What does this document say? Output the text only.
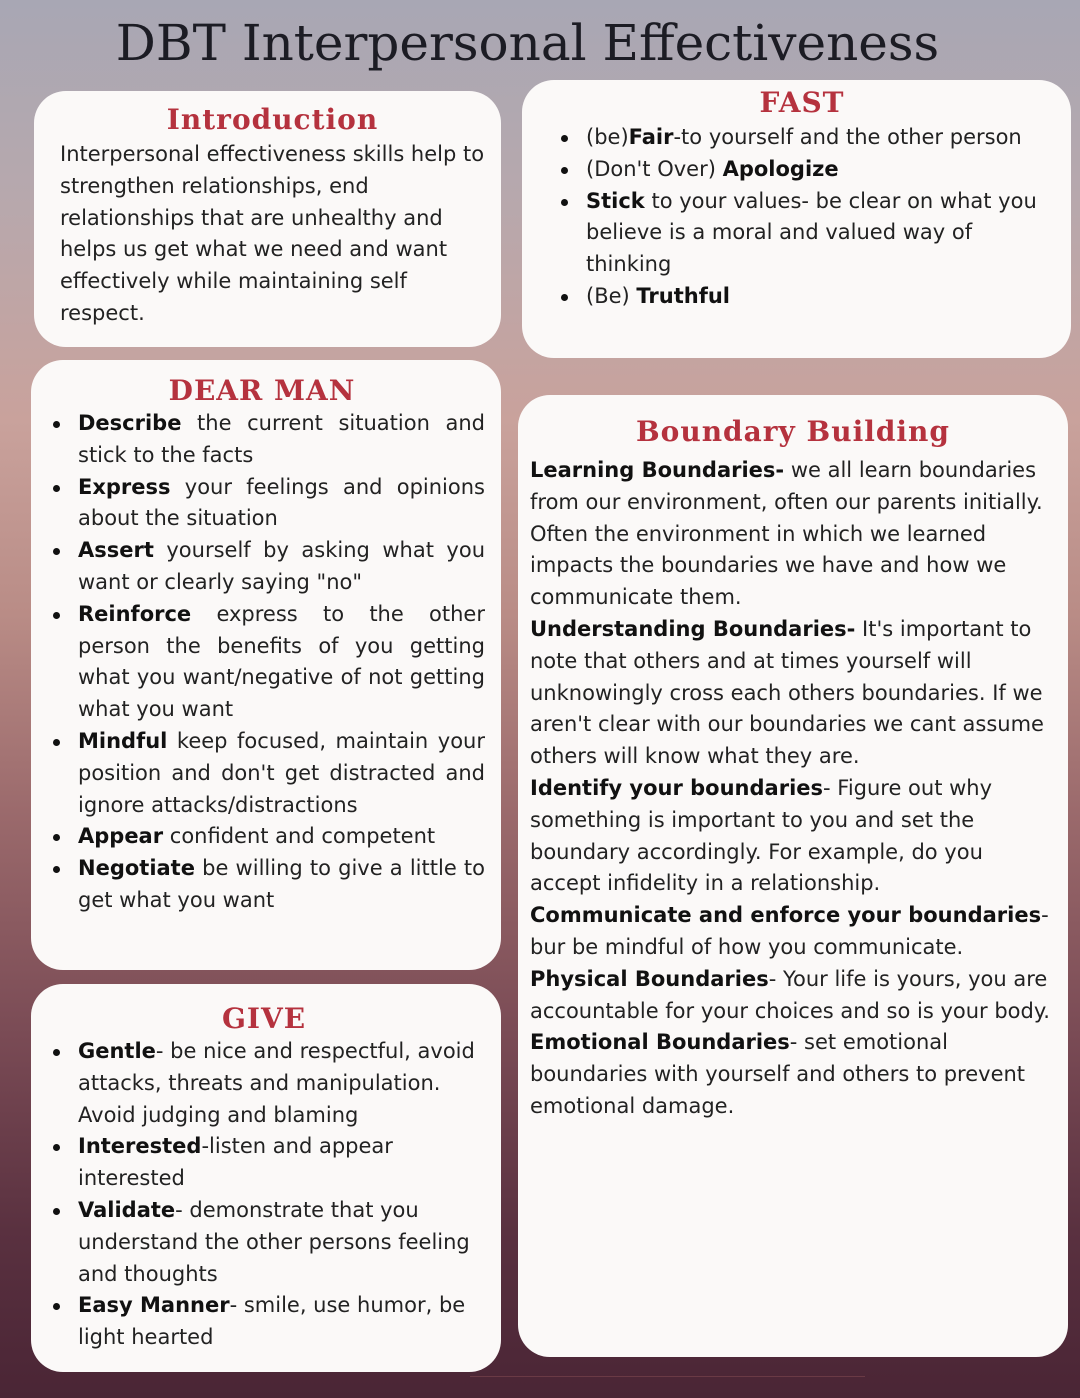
DBT Interpersonal Effectiveness
Introduction

Interpersonal effectiveness skills help to strengthen relationships, end relationships that are unhealthy and helps us get what we need and want effectively while maintaining self respect.

FAST
(be)Fair-to yourself and the other person
(Don't Over) Apologize
Stick to your values- be clear on what you believe is a moral and valued way of thinking
(Be) Truthful
DEAR MAN
Describe the current situation and stick to the facts
Express your feelings and opinions about the situation
Assert yourself by asking what you want or clearly saying "no"
Reinforce express to the other person the benefits of you getting what you want/negative of not getting what you want
Mindful keep focused, maintain your position and don't get distracted and ignore attacks/distractions
Appear confident and competent
Negotiate be willing to give a little to get what you want
GIVE
Gentle- be nice and respectful, avoid attacks, threats and manipulation. Avoid judging and blaming
Interested-listen and appear interested
Validate- demonstrate that you understand the other persons feeling and thoughts
Easy Manner- smile, use humor, be light hearted
Boundary Building

Learning Boundaries- we all learn boundaries from our environment, often our parents initially. Often the environment in which we learned impacts the boundaries we have and how we communicate them.

Understanding Boundaries- It's important to note that others and at times yourself will unknowingly cross each others boundaries. If we aren't clear with our boundaries we cant assume others will know what they are.

Identify your boundaries- Figure out why something is important to you and set the boundary accordingly. For example, do you accept infidelity in a relationship.

Communicate and enforce your boundaries- bur be mindful of how you communicate.

Physical Boundaries- Your life is yours, you are accountable for your choices and so is your body.

Emotional Boundaries- set emotional boundaries with yourself and others to prevent emotional damage.
